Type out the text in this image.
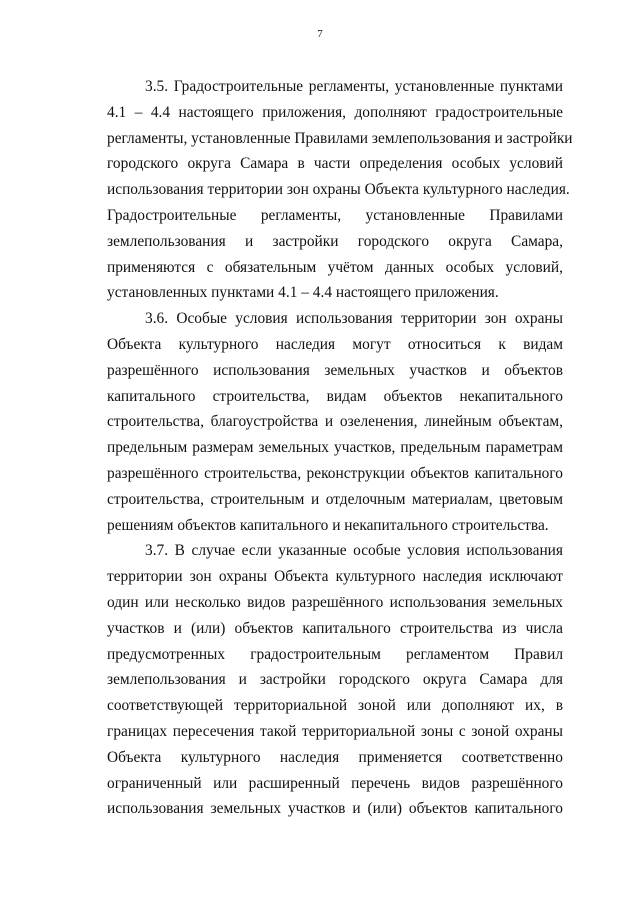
7
3.5. Градостроительные регламенты, установленные пунктами
4.1 – 4.4 настоящего приложения, дополняют градостроительные
регламенты, установленные Правилами землепользования и застройки
городского округа Самара в части определения особых условий
использования территории зон охраны Объекта культурного наследия.
Градостроительные регламенты, установленные Правилами
землепользования и застройки городского округа Самара,
применяются с обязательным учётом данных особых условий,
установленных пунктами 4.1 – 4.4 настоящего приложения.
3.6. Особые условия использования территории зон охраны
Объекта культурного наследия могут относиться к видам
разрешённого использования земельных участков и объектов
капитального строительства, видам объектов некапитального
строительства, благоустройства и озеленения, линейным объектам,
предельным размерам земельных участков, предельным параметрам
разрешённого строительства, реконструкции объектов капитального
строительства, строительным и отделочным материалам, цветовым
решениям объектов капитального и некапитального строительства.
3.7. В случае если указанные особые условия использования
территории зон охраны Объекта культурного наследия исключают
один или несколько видов разрешённого использования земельных
участков и (или) объектов капитального строительства из числа
предусмотренных градостроительным регламентом Правил
землепользования и застройки городского округа Самара для
соответствующей территориальной зоной или дополняют их, в
границах пересечения такой территориальной зоны с зоной охраны
Объекта культурного наследия применяется соответственно
ограниченный или расширенный перечень видов разрешённого
использования земельных участков и (или) объектов капитального
